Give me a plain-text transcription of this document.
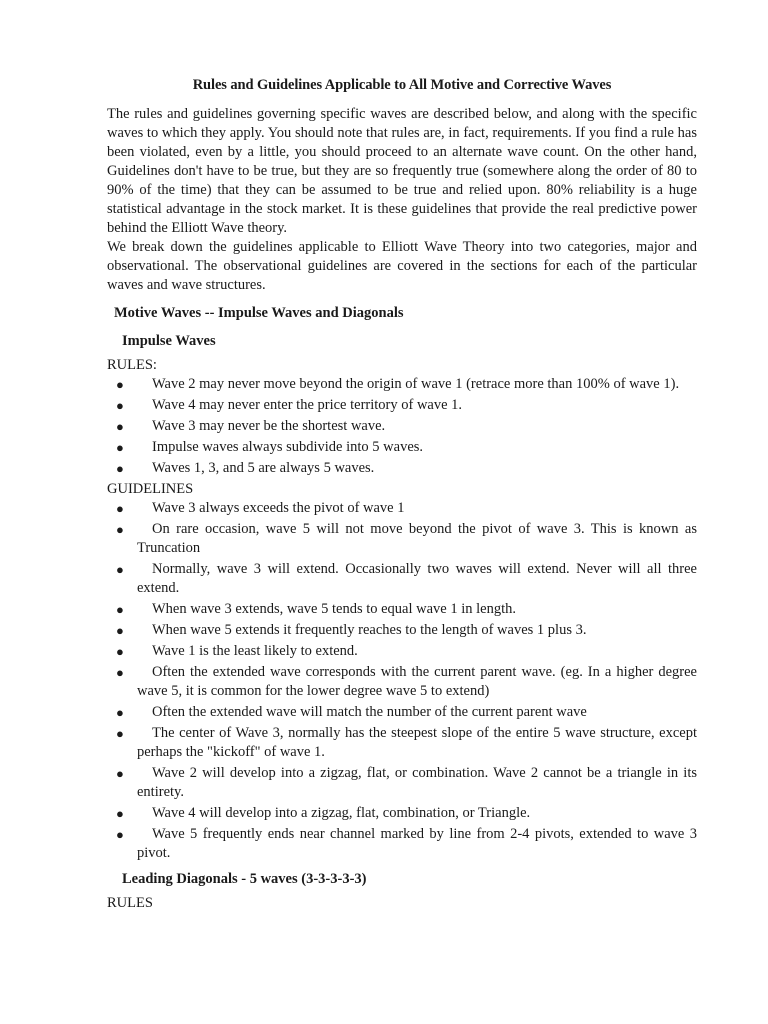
Rules and Guidelines Applicable to All Motive and Corrective Waves

The rules and guidelines governing specific waves are described below, and along with the specific waves to which they apply. You should note that rules are, in fact, requirements. If you find a rule has been violated, even by a little, you should proceed to an alternate wave count. On the other hand, Guidelines don't have to be true, but they are so frequently true (somewhere along the order of 80 to 90% of the time) that they can be assumed to be true and relied upon. 80% reliability is a huge statistical advantage in the stock market. It is these guidelines that provide the real predictive power behind the Elliott Wave theory.

We break down the guidelines applicable to Elliott Wave Theory into two categories, major and observational. The observational guidelines are covered in the sections for each of the particular waves and wave structures.

Motive Waves -- Impulse Waves and Diagonals
Impulse Waves
RULES:
● Wave 2 may never move beyond the origin of wave 1 (retrace more than 100% of wave 1).
● Wave 4 may never enter the price territory of wave 1.
● Wave 3 may never be the shortest wave.
● Impulse waves always subdivide into 5 waves.
● Waves 1, 3, and 5 are always 5 waves.
GUIDELINES
● Wave 3 always exceeds the pivot of wave 1
● On rare occasion, wave 5 will not move beyond the pivot of wave 3. This is known as Truncation
● Normally, wave 3 will extend. Occasionally two waves will extend. Never will all three extend.
● When wave 3 extends, wave 5 tends to equal wave 1 in length.
● When wave 5 extends it frequently reaches to the length of waves 1 plus 3.
● Wave 1 is the least likely to extend.
● Often the extended wave corresponds with the current parent wave. (eg. In a higher degree wave 5, it is common for the lower degree wave 5 to extend)
● Often the extended wave will match the number of the current parent wave
● The center of Wave 3, normally has the steepest slope of the entire 5 wave structure, except perhaps the "kickoff" of wave 1.
● Wave 2 will develop into a zigzag, flat, or combination. Wave 2 cannot be a triangle in its entirety.
● Wave 4 will develop into a zigzag, flat, combination, or Triangle.
● Wave 5 frequently ends near channel marked by line from 2-4 pivots, extended to wave 3 pivot.
Leading Diagonals - 5 waves (3-3-3-3-3)
RULES
